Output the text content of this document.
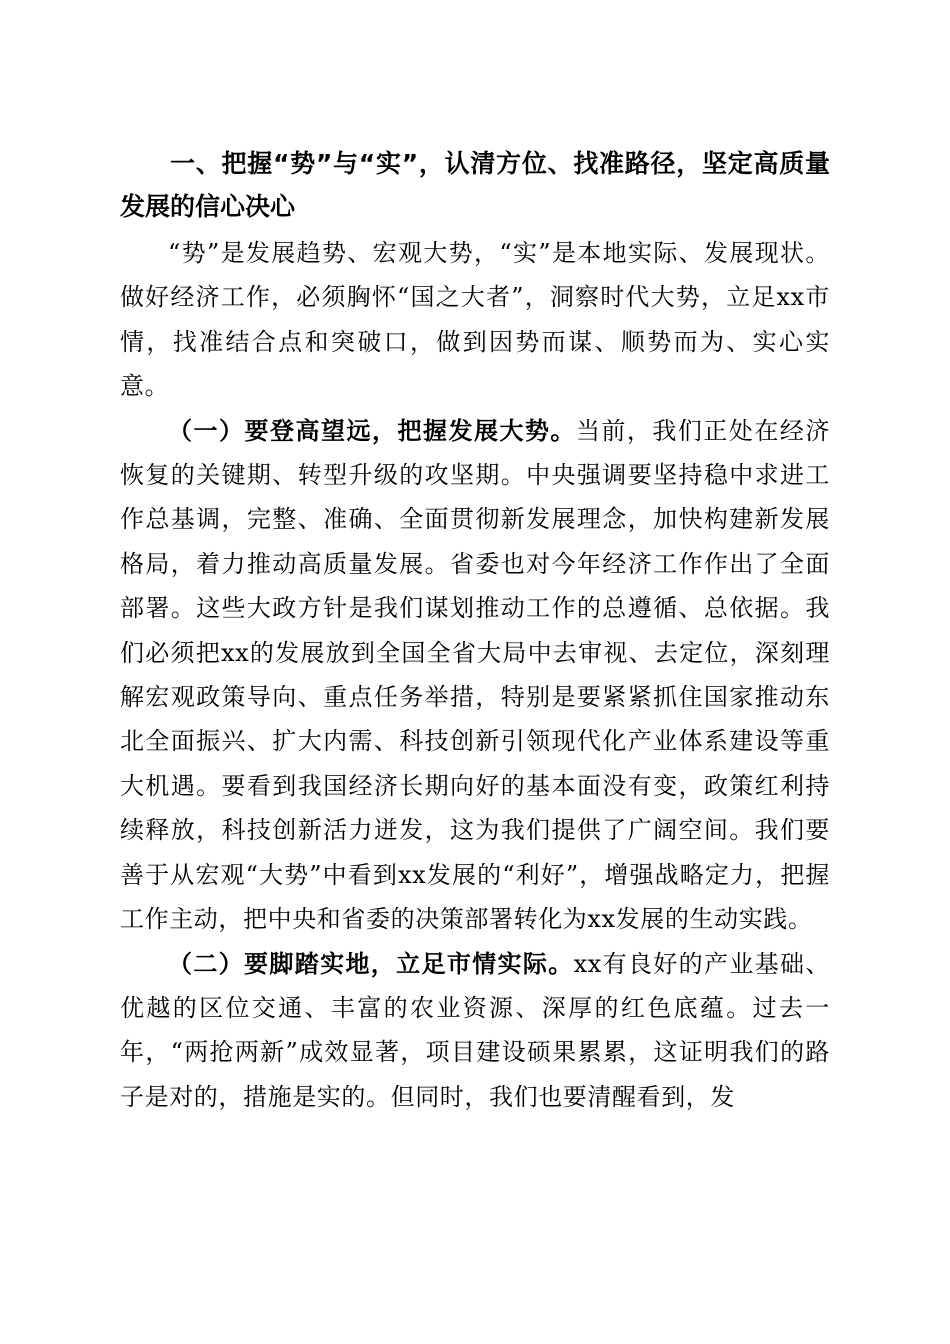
一、把握“势”与“实”，认清方位、找准路径，坚定高质量发展的信心决心

“势”是发展趋势、宏观大势，“实”是本地实际、发展现状。做好经济工作，必须胸怀“国之大者”，洞察时代大势，立足xx市情，找准结合点和突破口，做到因势而谋、顺势而为、实心实意。

（一）要登高望远，把握发展大势。当前，我们正处在经济恢复的关键期、转型升级的攻坚期。中央强调要坚持稳中求进工作总基调，完整、准确、全面贯彻新发展理念，加快构建新发展格局，着力推动高质量发展。省委也对今年经济工作作出了全面部署。这些大政方针是我们谋划推动工作的总遵循、总依据。我们必须把xx的发展放到全国全省大局中去审视、去定位，深刻理解宏观政策导向、重点任务举措，特别是要紧紧抓住国家推动东北全面振兴、扩大内需、科技创新引领现代化产业体系建设等重大机遇。要看到我国经济长期向好的基本面没有变，政策红利持续释放，科技创新活力迸发，这为我们提供了广阔空间。我们要善于从宏观“大势”中看到xx发展的“利好”，增强战略定力，把握工作主动，把中央和省委的决策部署转化为xx发展的生动实践。

（二）要脚踏实地，立足市情实际。xx有良好的产业基础、优越的区位交通、丰富的农业资源、深厚的红色底蕴。过去一年，“两抢两新”成效显著，项目建设硕果累累，这证明我们的路子是对的，措施是实的。但同时，我们也要清醒看到，发
